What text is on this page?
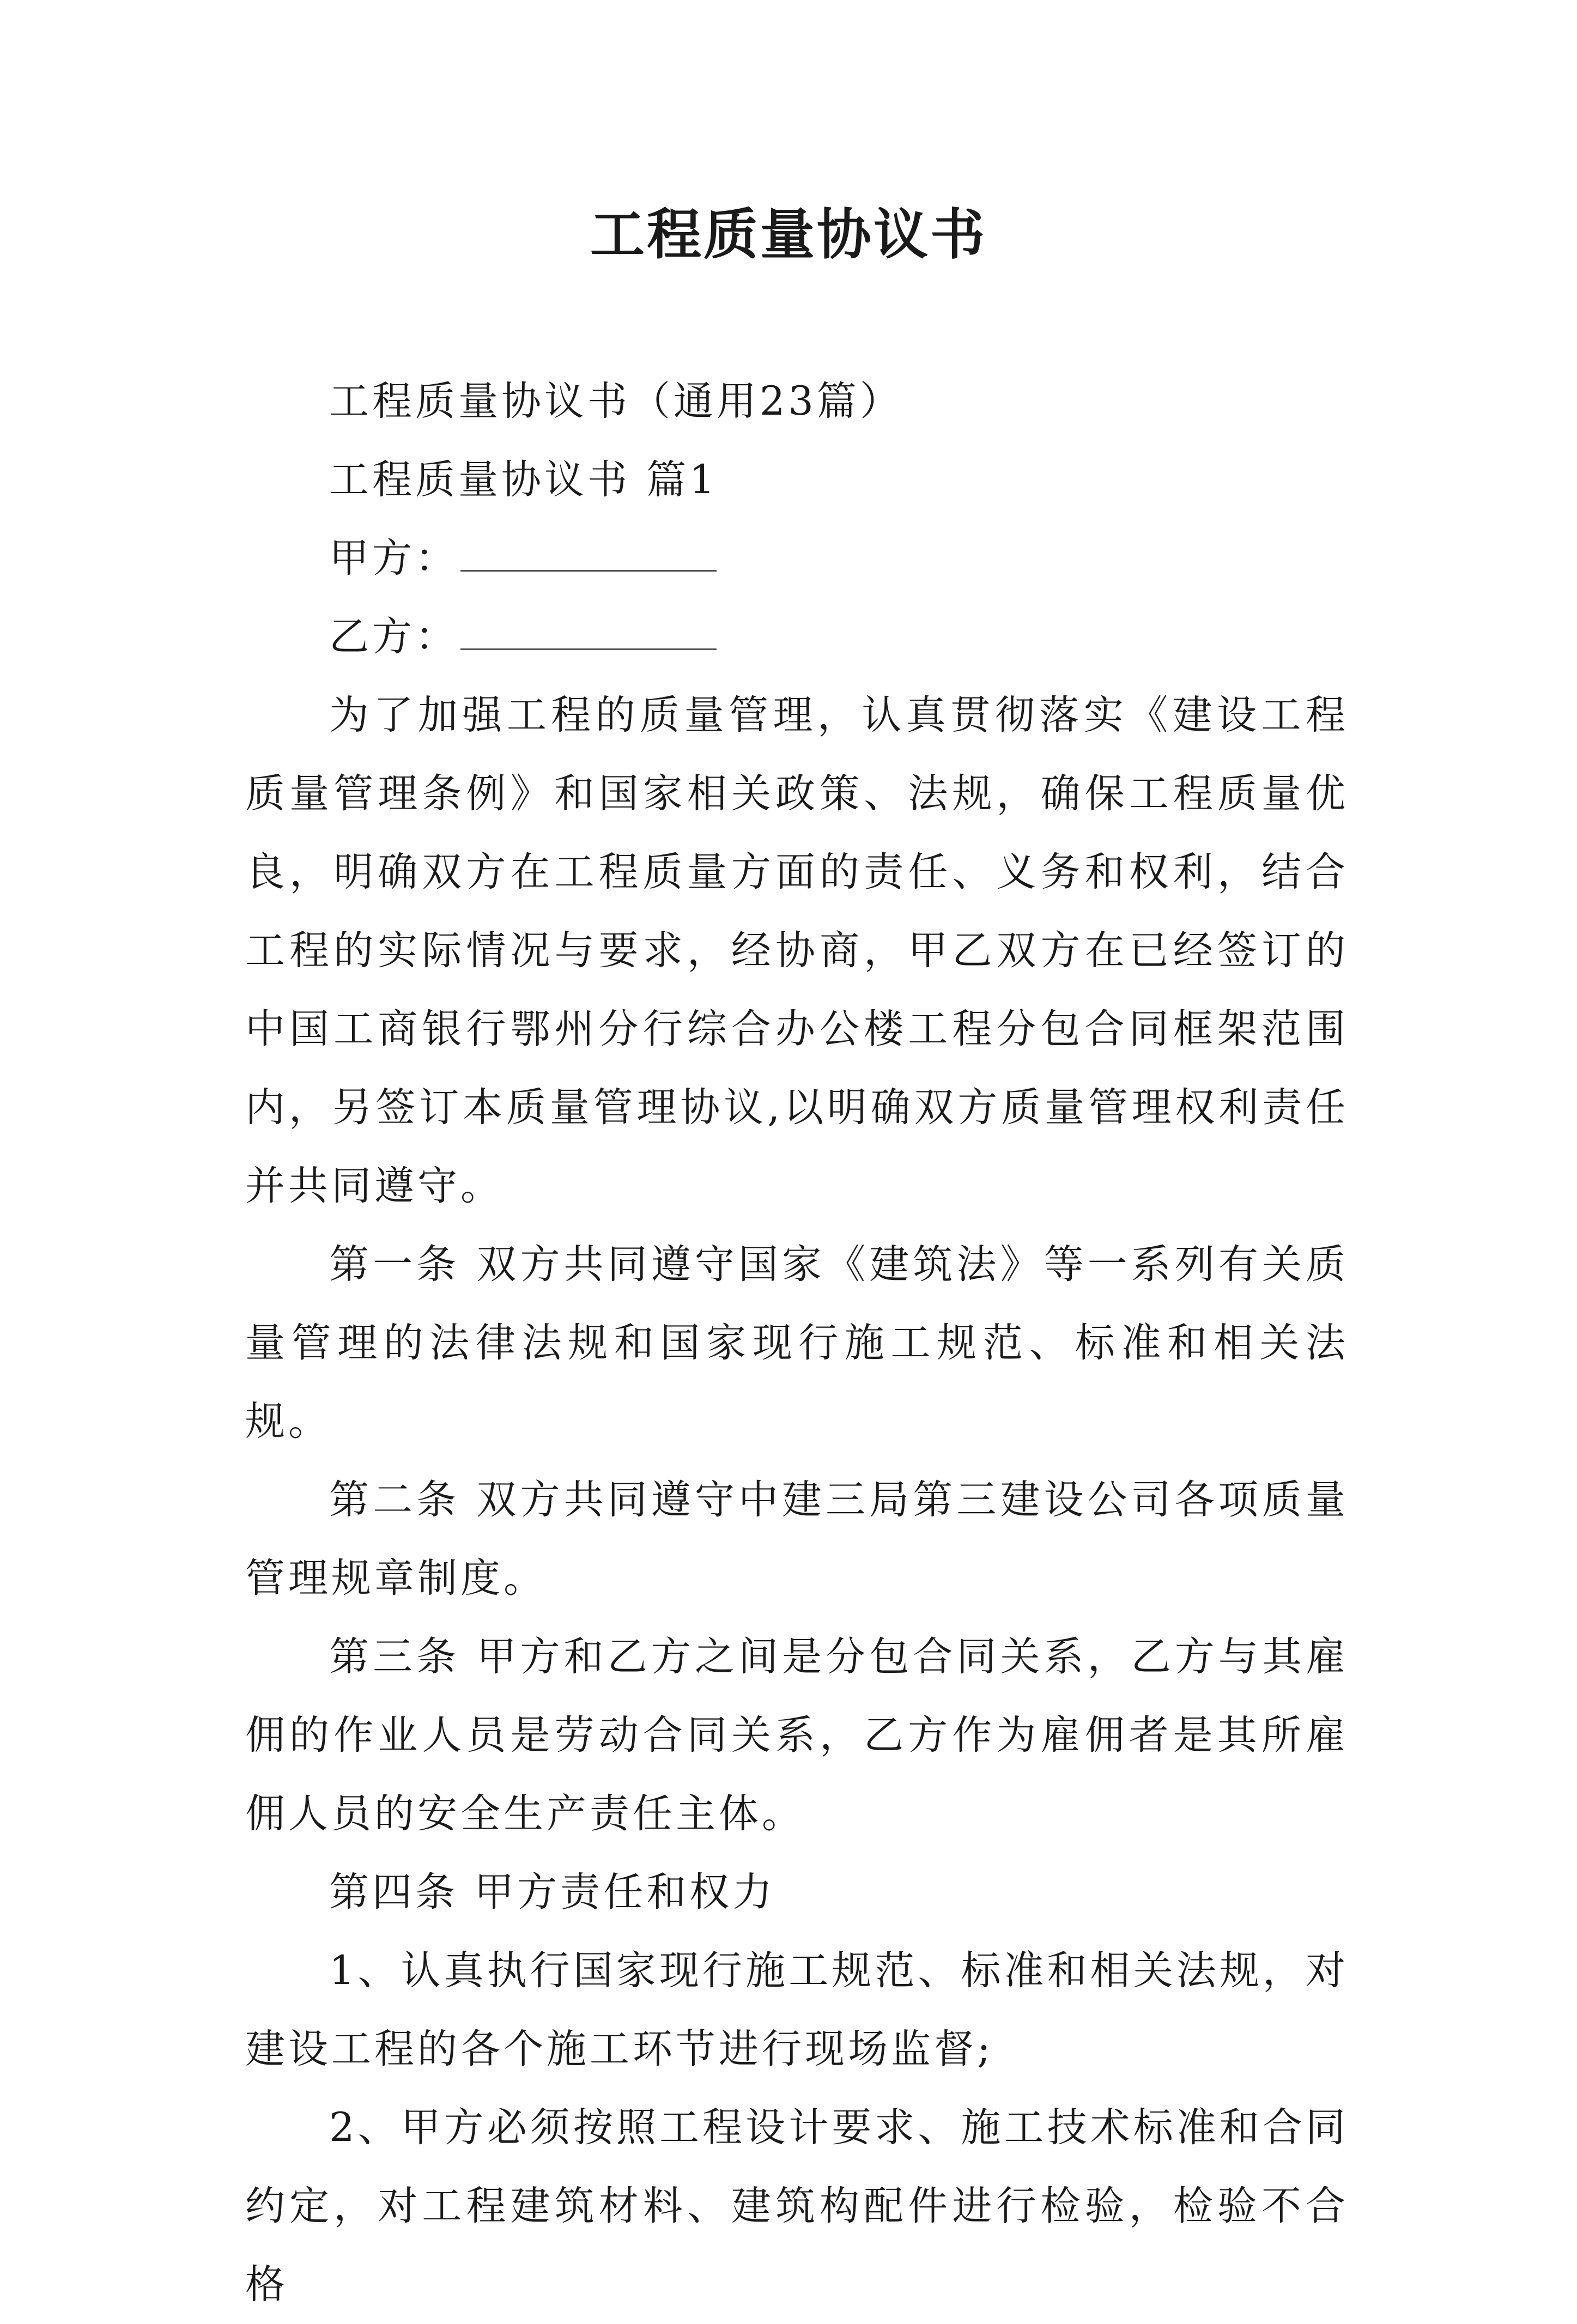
工程质量协议书
工程质量协议书（通用23篇）
工程质量协议书 篇1
甲方：
乙方：

为了加强工程的质量管理，认真贯彻落实《建设工程质量管理条例》和国家相关政策、法规，确保工程质量优良，明确双方在工程质量方面的责任、义务和权利，结合工程的实际情况与要求，经协商，甲乙双方在已经签订的中国工商银行鄂州分行综合办公楼工程分包合同框架范围内，另签订本质量管理协议,以明确双方质量管理权利责任并共同遵守。

第一条 双方共同遵守国家《建筑法》等一系列有关质量管理的法律法规和国家现行施工规范、标准和相关法规。

第二条 双方共同遵守中建三局第三建设公司各项质量管理规章制度。

第三条 甲方和乙方之间是分包合同关系，乙方与其雇佣的作业人员是劳动合同关系，乙方作为雇佣者是其所雇佣人员的安全生产责任主体。

第四条 甲方责任和权力

1、认真执行国家现行施工规范、标准和相关法规，对建设工程的各个施工环节进行现场监督;

2、甲方必须按照工程设计要求、施工技术标准和合同约定，对工程建筑材料、建筑构配件进行检验，检验不合格
